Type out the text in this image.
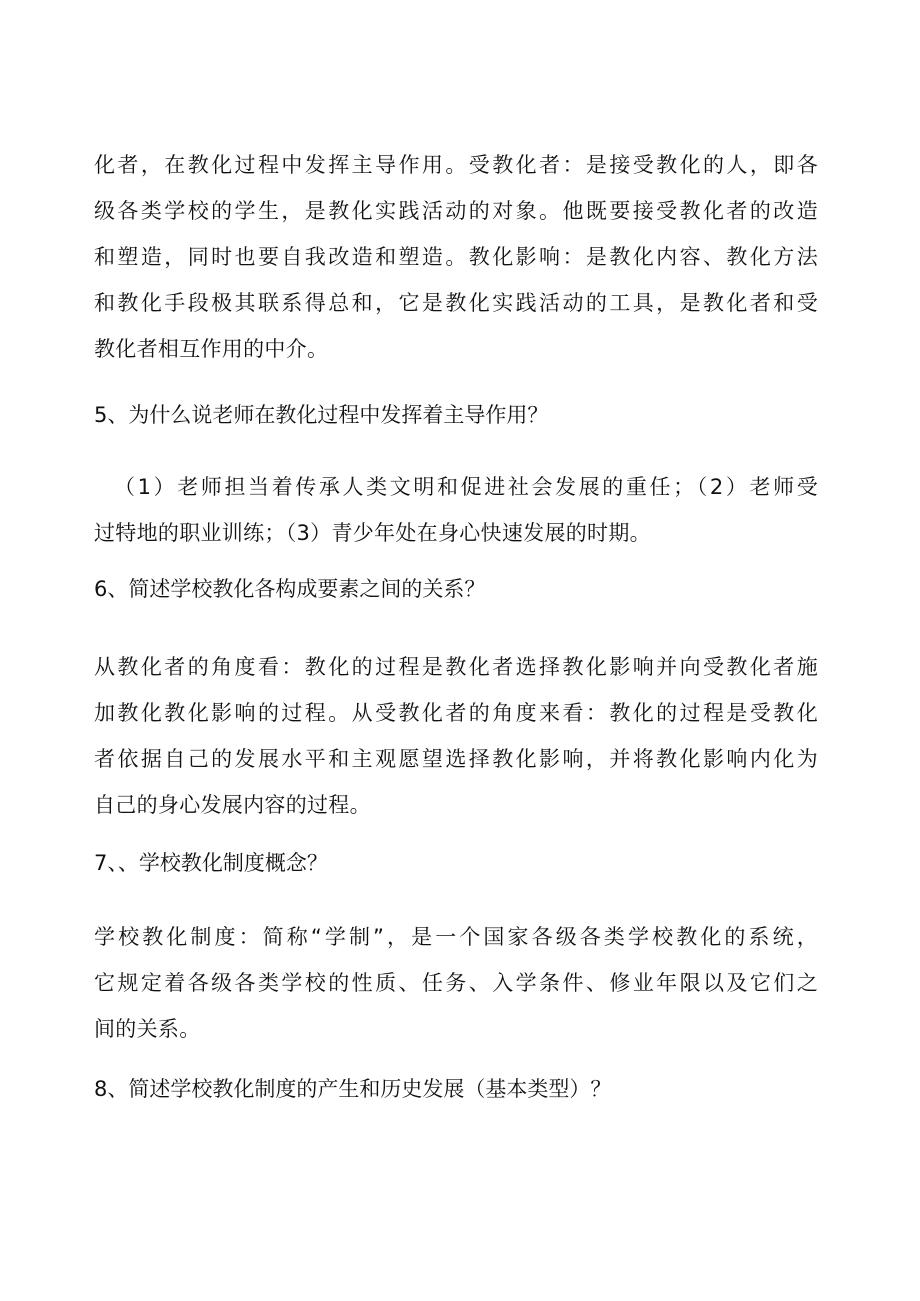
化者，在教化过程中发挥主导作用。受教化者：是接受教化的人，即各
级各类学校的学生，是教化实践活动的对象。他既要接受教化者的改造
和塑造，同时也要自我改造和塑造。教化影响：是教化内容、教化方法
和教化手段极其联系得总和，它是教化实践活动的工具，是教化者和受
教化者相互作用的中介。
5、为什么说老师在教化过程中发挥着主导作用？
（1）老师担当着传承人类文明和促进社会发展的重任；（2）老师受
过特地的职业训练；（3）青少年处在身心快速发展的时期。
6、简述学校教化各构成要素之间的关系？
从教化者的角度看：教化的过程是教化者选择教化影响并向受教化者施
加教化教化影响的过程。从受教化者的角度来看：教化的过程是受教化
者依据自己的发展水平和主观愿望选择教化影响，并将教化影响内化为
自己的身心发展内容的过程。
7、、学校教化制度概念？
学校教化制度：简称“学制”，是一个国家各级各类学校教化的系统，
它规定着各级各类学校的性质、任务、入学条件、修业年限以及它们之
间的关系。
8、简述学校教化制度的产生和历史发展（基本类型）？
